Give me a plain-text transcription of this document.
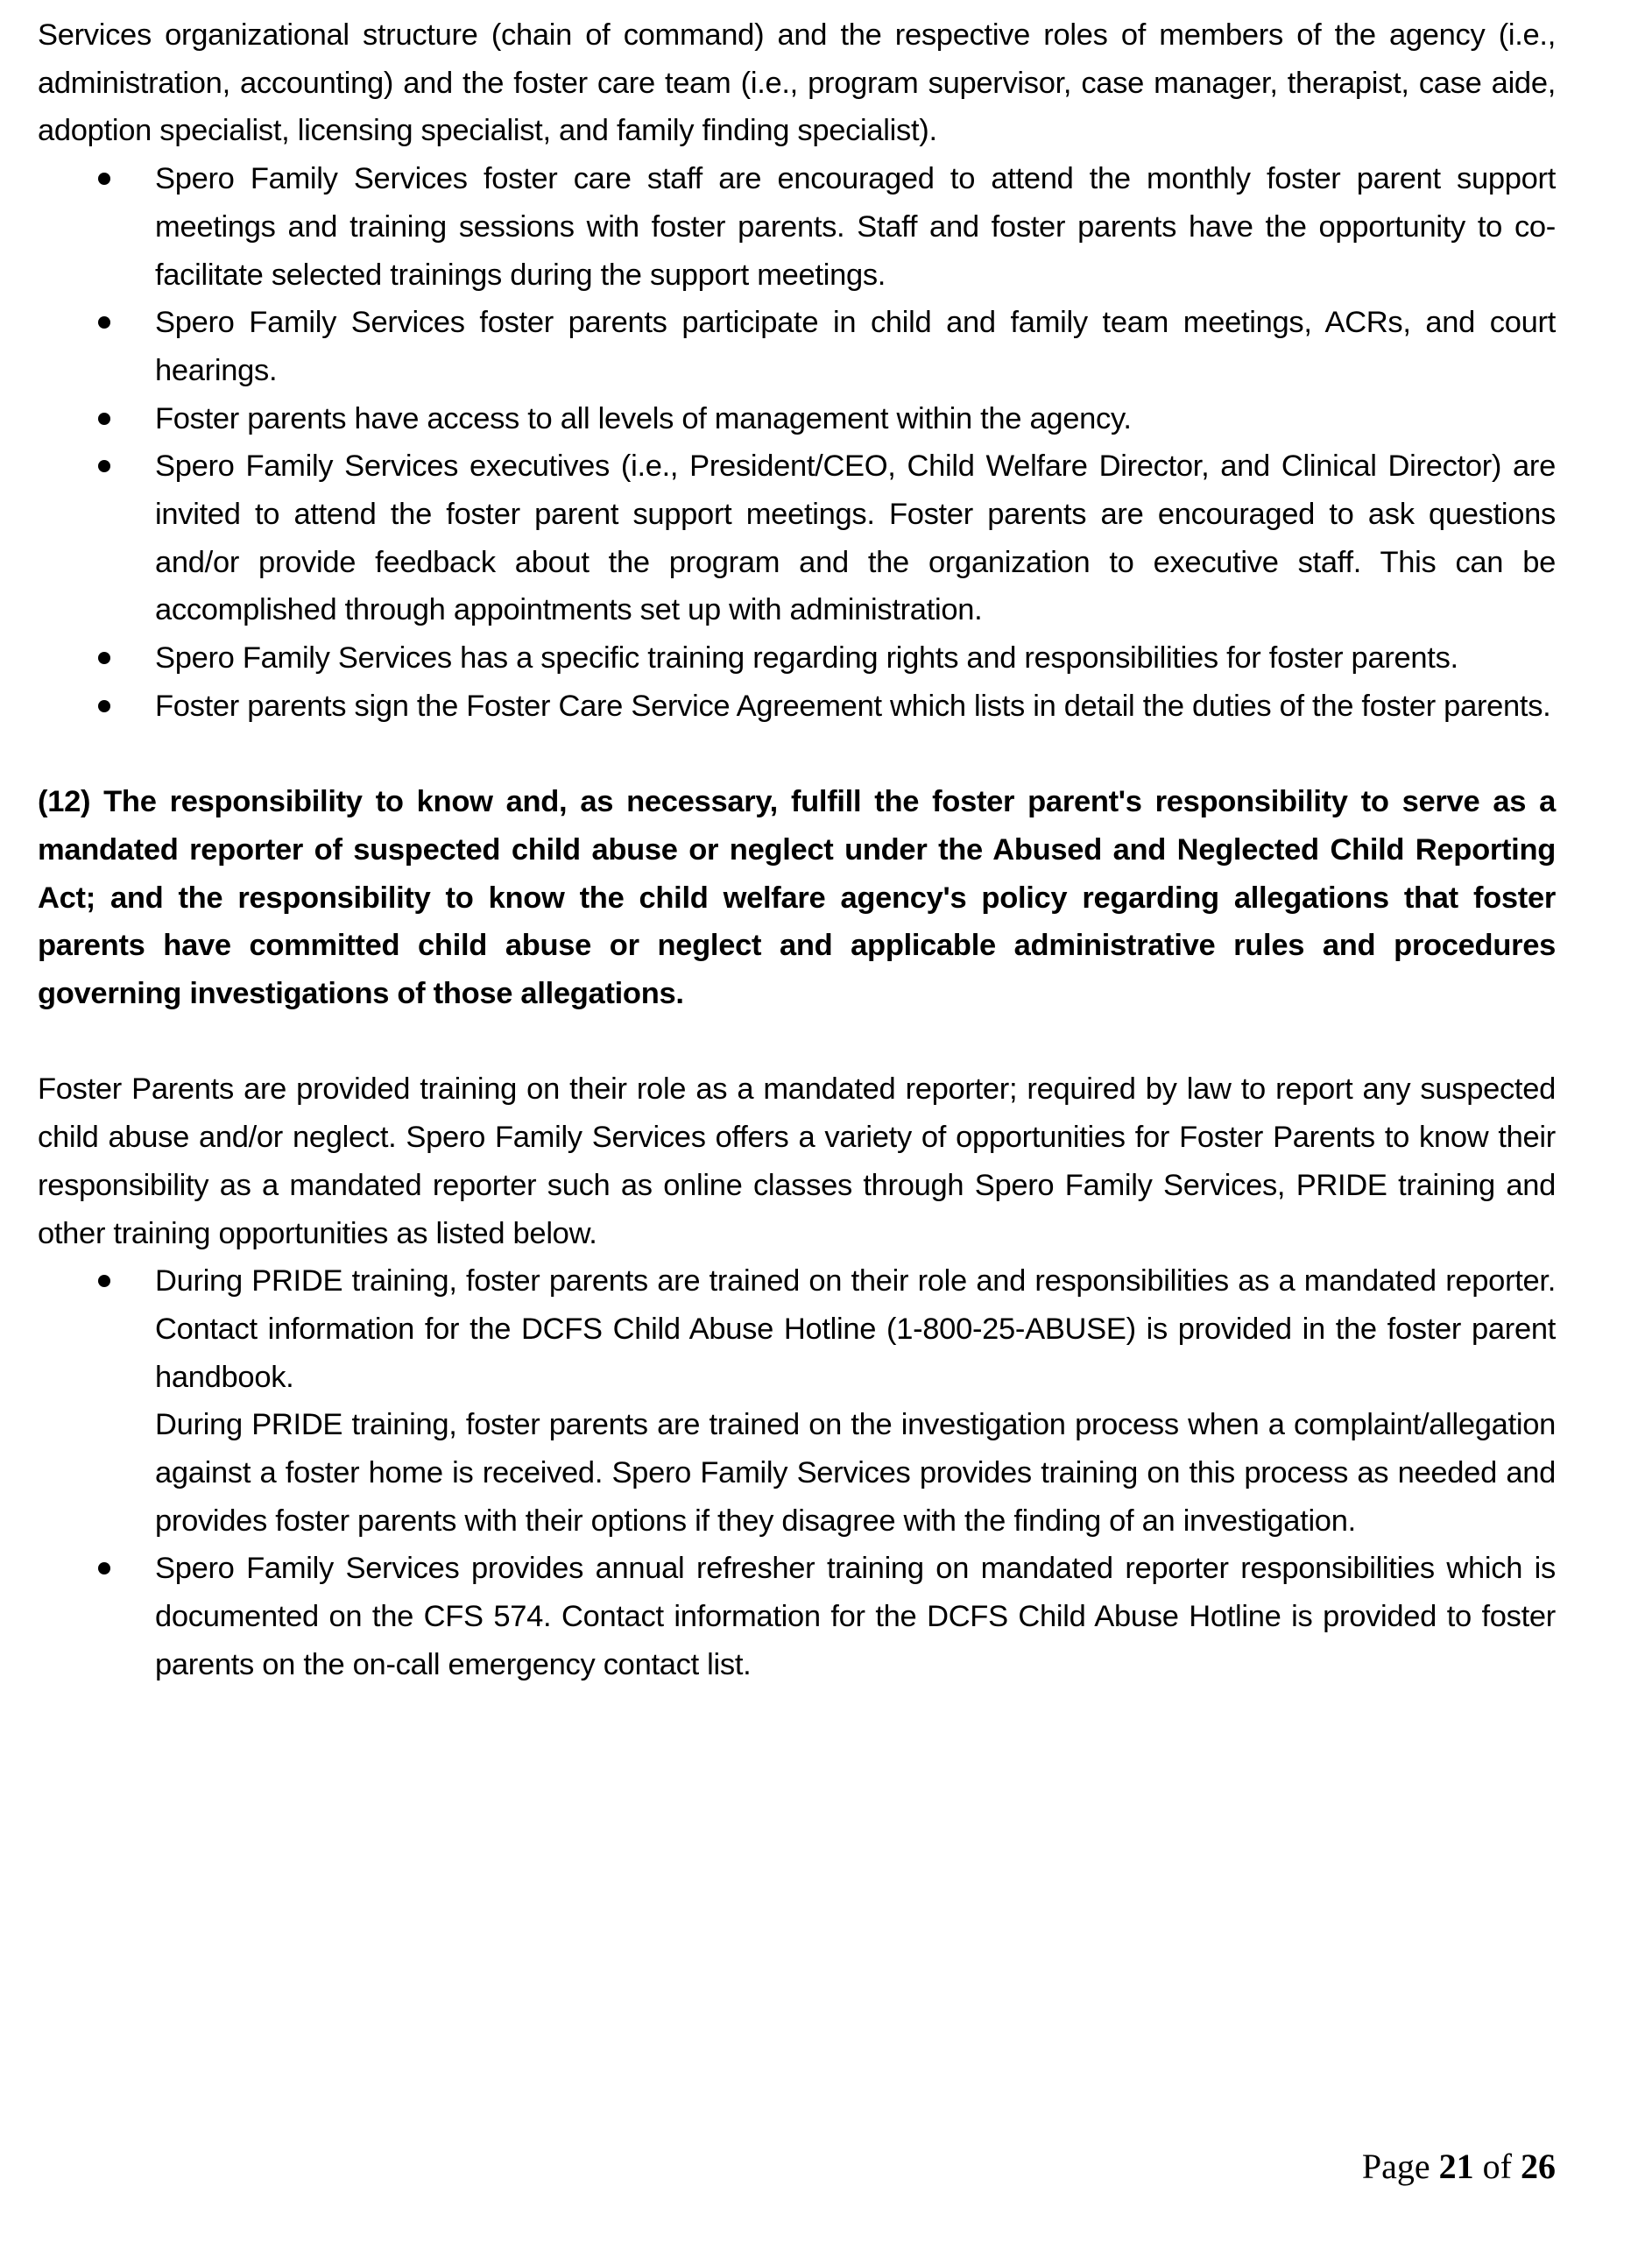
Services organizational structure (chain of command) and the respective roles of members of the agency (i.e., administration, accounting) and the foster care team (i.e., program supervisor, case manager, therapist, case aide, adoption specialist, licensing specialist, and family finding specialist).

Spero Family Services foster care staff are encouraged to attend the monthly foster parent support meetings and training sessions with foster parents. Staff and foster parents have the opportunity to co-facilitate selected trainings during the support meetings.
Spero Family Services foster parents participate in child and family team meetings, ACRs, and court hearings.
Foster parents have access to all levels of management within the agency.
Spero Family Services executives (i.e., President/CEO, Child Welfare Director, and Clinical Director) are invited to attend the foster parent support meetings. Foster parents are encouraged to ask questions and/or provide feedback about the program and the organization to executive staff. This can be accomplished through appointments set up with administration.
Spero Family Services has a specific training regarding rights and responsibilities for foster parents.
Foster parents sign the Foster Care Service Agreement which lists in detail the duties of the foster parents.

(12) The responsibility to know and, as necessary, fulfill the foster parent's responsibility to serve as a mandated reporter of suspected child abuse or neglect under the Abused and Neglected Child Reporting Act; and the responsibility to know the child welfare agency's policy regarding allegations that foster parents have committed child abuse or neglect and applicable administrative rules and procedures governing investigations of those allegations.

Foster Parents are provided training on their role as a mandated reporter; required by law to report any suspected child abuse and/or neglect. Spero Family Services offers a variety of opportunities for Foster Parents to know their responsibility as a mandated reporter such as online classes through Spero Family Services, PRIDE training and other training opportunities as listed below.

During PRIDE training, foster parents are trained on their role and responsibilities as a mandated reporter. Contact information for the DCFS Child Abuse Hotline (1-800-25-ABUSE) is provided in the foster parent handbook.
During PRIDE training, foster parents are trained on the investigation process when a complaint/allegation against a foster home is received. Spero Family Services provides training on this process as needed and provides foster parents with their options if they disagree with the finding of an investigation.
Spero Family Services provides annual refresher training on mandated reporter responsibilities which is documented on the CFS 574. Contact information for the DCFS Child Abuse Hotline is provided to foster parents on the on-call emergency contact list.
Page 21 of 26
